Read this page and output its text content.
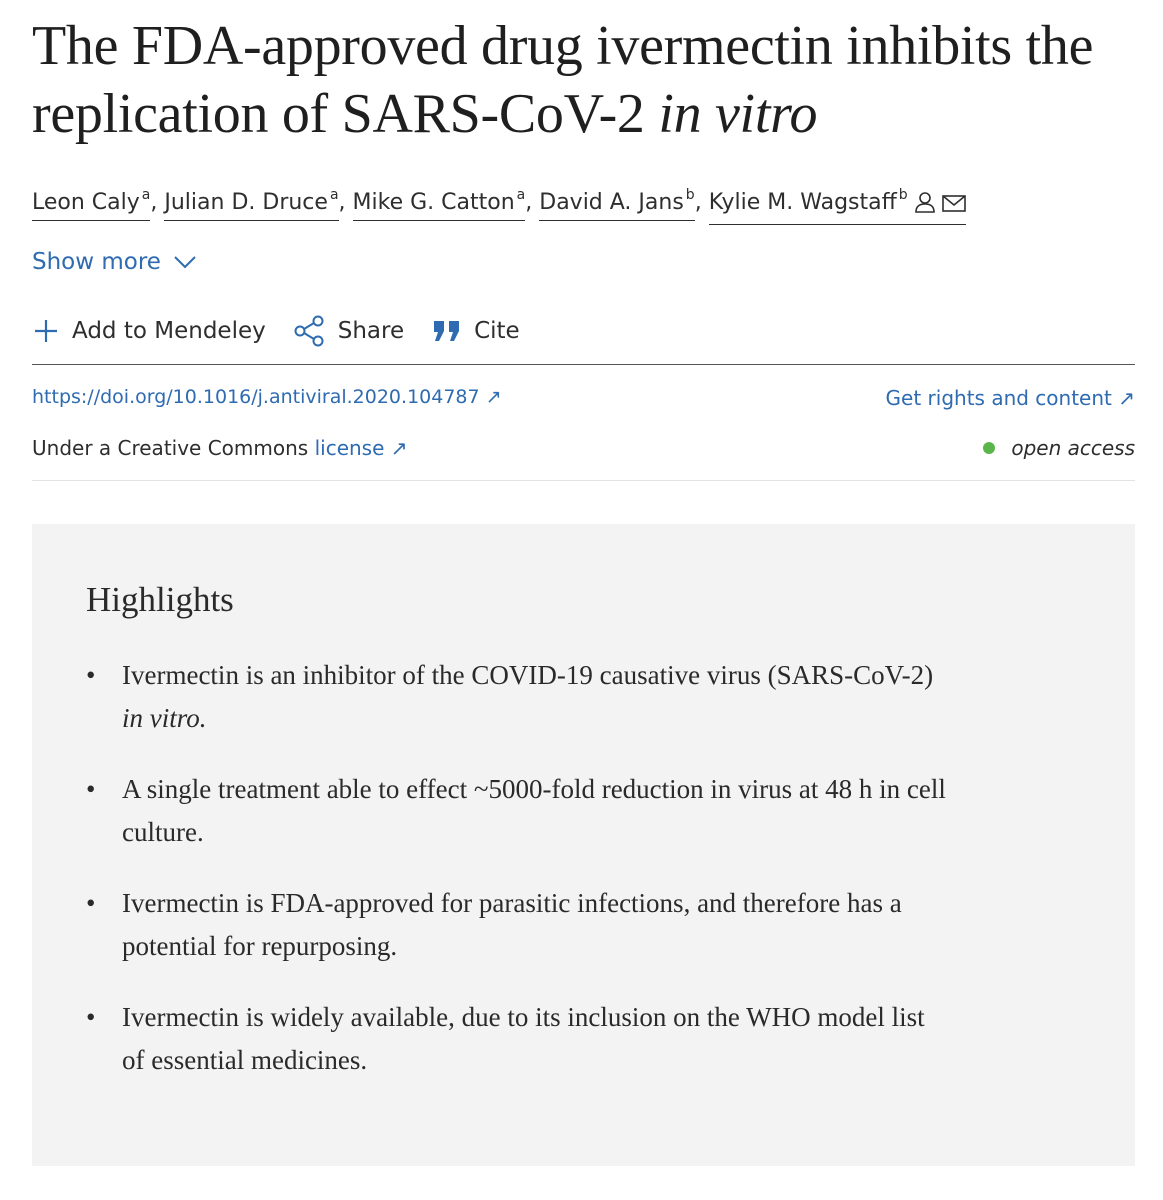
The FDA-approved drug ivermectin inhibits the replication of SARS-CoV-2 in vitro
Leon Caly $^a$, Julian D. Druce $^a$, Mike G. Catton $^a$, David A. Jans $^b$, Kylie M. Wagstaff $^b$
Show more
Add to Mendeley	Share	Cite
https://doi.org/10.1016/j.antiviral.2020.104787 ↗	Get rights and content ↗
Under a Creative Commons license ↗	open access
Highlights
• Ivermectin is an inhibitor of the COVID-19 causative virus (SARS-CoV-2) in vitro.
• A single treatment able to effect ~5000-fold reduction in virus at 48 h in cell culture.
• Ivermectin is FDA-approved for parasitic infections, and therefore has a potential for repurposing.
• Ivermectin is widely available, due to its inclusion on the WHO model list of essential medicines.
